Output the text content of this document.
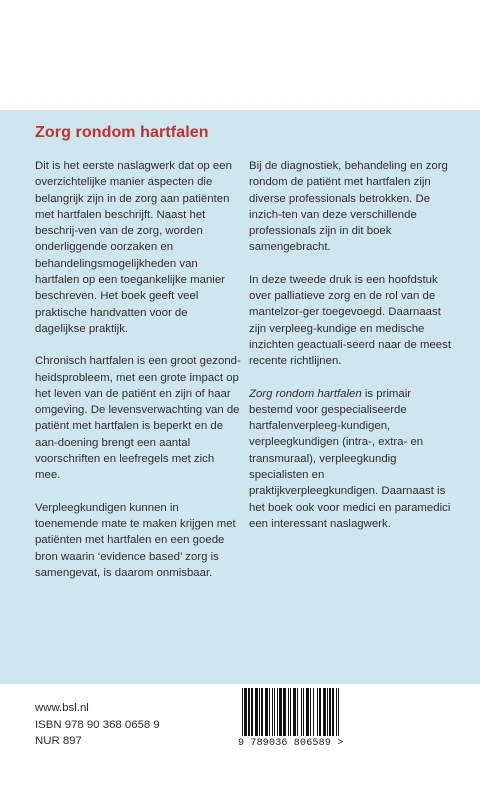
Zorg rondom hartfalen

Dit is het eerste naslagwerk dat op een overzichtelijke manier aspecten die belangrijk zijn in de zorg aan patiënten met hartfalen beschrijft. Naast het beschrij-ven van de zorg, worden onderliggende oorzaken en behandelingsmogelijkheden van hartfalen op een toegankelijke manier beschreven. Het boek geeft veel praktische handvatten voor de dagelijkse praktijk.

Chronisch hartfalen is een groot gezond-heidsprobleem, met een grote impact op het leven van de patiënt en zijn of haar omgeving. De levensverwachting van de patiënt met hartfalen is beperkt en de aan-doening brengt een aantal voorschriften en leefregels met zich mee.

Verpleegkundigen kunnen in toenemende mate te maken krijgen met patiënten met hartfalen en een goede bron waarin ‘evidence based’ zorg is samengevat, is daarom onmisbaar.

Bij de diagnostiek, behandeling en zorg rondom de patiënt met hartfalen zijn diverse professionals betrokken. De inzich-ten van deze verschillende professionals zijn in dit boek samengebracht.

In deze tweede druk is een hoofdstuk over palliatieve zorg en de rol van de mantelzor-ger toegevoegd. Daarnaast zijn verpleeg-kundige en medische inzichten geactuali-seerd naar de meest recente richtlijnen.

Zorg rondom hartfalen is primair bestemd voor gespecialiseerde hartfalenverpleeg-kundigen, verpleegkundigen (intra-, extra- en transmuraal), verpleegkundig specialisten en praktijkverpleegkundigen. Daarnaast is het boek ook voor medici en paramedici een interessant naslagwerk.

www.bsl.nl
ISBN 978 90 368 0658 9
NUR 897	9 789036 806589 >
